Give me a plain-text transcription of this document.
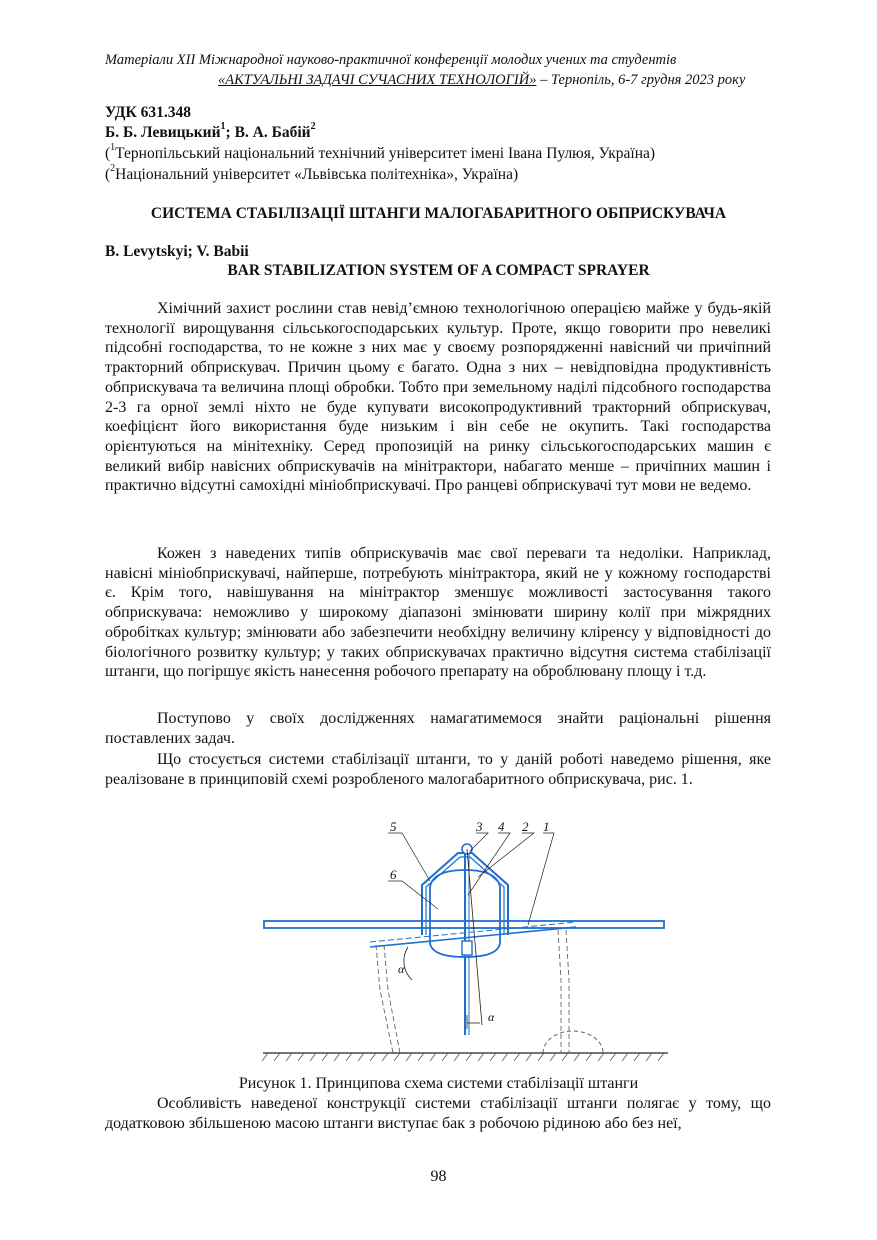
Матеріали XІІ Міжнародної науково-практичної конференції молодих учених та студентів
«АКТУАЛЬНІ ЗАДАЧІ СУЧАСНИХ ТЕХНОЛОГІЙ» – Тернопіль, 6-7 грудня 2023 року
УДК 631.348
Б. Б. Левицький$^1$; В. А. Бабій$^2$
($^1$Тернопільський національний технічний університет імені Івана Пулюя, Україна)
($^2$Національний університет «Львівська політехніка», Україна)
СИСТЕМА СТАБІЛІЗАЦІЇ ШТАНГИ МАЛОГАБАРИТНОГО ОБПРИСКУВАЧА
B. Levytskyi; V. Babii
BAR STABILIZATION SYSTEM OF A COMPACT SPRAYER

Хімічний захист рослини став невід’ємною технологічною операцією майже у будь-якій технології вирощування сільськогосподарських культур. Проте, якщо говорити про невеликі підсобні господарства, то не кожне з них має у своєму розпорядженні навісний чи причіпний тракторний обприскувач. Причин цьому є багато. Одна з них – невідповідна продуктивність обприскувача та величина площі обробки. Тобто при земельному наділі підсобного господарства 2-3 га орної землі ніхто не буде купувати високопродуктивний тракторний обприскувач, коефіцієнт його використання буде низьким і він себе не окупить. Такі господарства орієнтуються на мінітехніку. Серед пропозицій на ринку сільськогосподарських машин є великий вибір навісних обприскувачів на мінітрактори, набагато менше – причіпних машин і практично відсутні самохідні мініобприскувачі. Про ранцеві обприскувачі тут мови не ведемо.

Кожен з наведених типів обприскувачів має свої переваги та недоліки. Наприклад, навісні мініобприскувачі, найперше, потребують мінітрактора, який не у кожному господарстві є. Крім того, навішування на мінітрактор зменшує можливості застосування такого обприскувача: неможливо у широкому діапазоні змінювати ширину колії при міжрядних обробітках культур; змінювати або забезпечити необхідну величину кліренсу у відповідності до біологічного розвитку культур; у таких обприскувачах практично відсутня система стабілізації штанги, що погіршує якість нанесення робочого препарату на оброблювану площу і т.д.

Поступово у своїх дослідженнях намагатимемося знайти раціональні рішення поставлених задач.

Що стосується системи стабілізації штанги, то у даній роботі наведемо рішення, яке реалізоване в принциповій схемі розробленого малогабаритного обприскувача, рис. 1.

α
α
5	3 4 2 1
6
Рисунок 1. Принципова схема системи стабілізації штанги

Особливість наведеної конструкції системи стабілізації штанги полягає у тому, що додатковою збільшеною масою штанги виступає бак з робочою рідиною або без неї,

98
